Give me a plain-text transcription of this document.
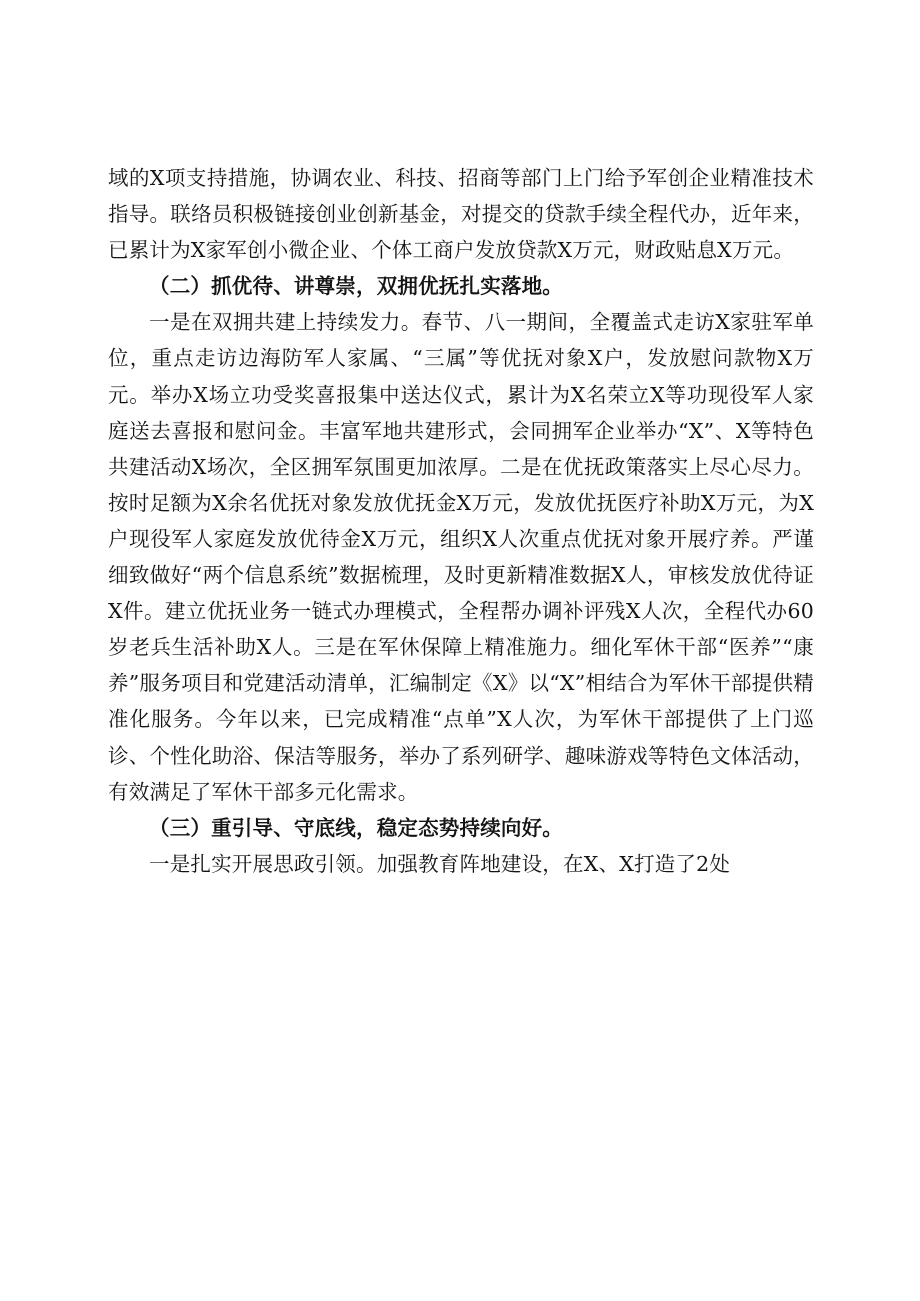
域的X项支持措施，协调农业、科技、招商等部门上门给予军创企业精准技术指导。联络员积极链接创业创新基金，对提交的贷款手续全程代办，近年来，已累计为X家军创小微企业、个体工商户发放贷款X万元，财政贴息X万元。

（二）抓优待、讲尊崇，双拥优抚扎实落地。

一是在双拥共建上持续发力。春节、八一期间，全覆盖式走访X家驻军单位，重点走访边海防军人家属、“三属”等优抚对象X户，发放慰问款物X万元。举办X场立功受奖喜报集中送达仪式，累计为X名荣立X等功现役军人家庭送去喜报和慰问金。丰富军地共建形式，会同拥军企业举办“X”、X等特色共建活动X场次，全区拥军氛围更加浓厚。二是在优抚政策落实上尽心尽力。按时足额为X余名优抚对象发放优抚金X万元，发放优抚医疗补助X万元，为X户现役军人家庭发放优待金X万元，组织X人次重点优抚对象开展疗养。严谨细致做好“两个信息系统”数据梳理，及时更新精准数据X人，审核发放优待证X件。建立优抚业务一链式办理模式，全程帮办调补评残X人次，全程代办60岁老兵生活补助X人。三是在军休保障上精准施力。细化军休干部“医养”“康养”服务项目和党建活动清单，汇编制定《X》以“X”相结合为军休干部提供精准化服务。今年以来，已完成精准“点单”X人次，为军休干部提供了上门巡诊、个性化助浴、保洁等服务，举办了系列研学、趣味游戏等特色文体活动，有效满足了军休干部多元化需求。

（三）重引导、守底线，稳定态势持续向好。

一是扎实开展思政引领。加强教育阵地建设，在X、X打造了2处
